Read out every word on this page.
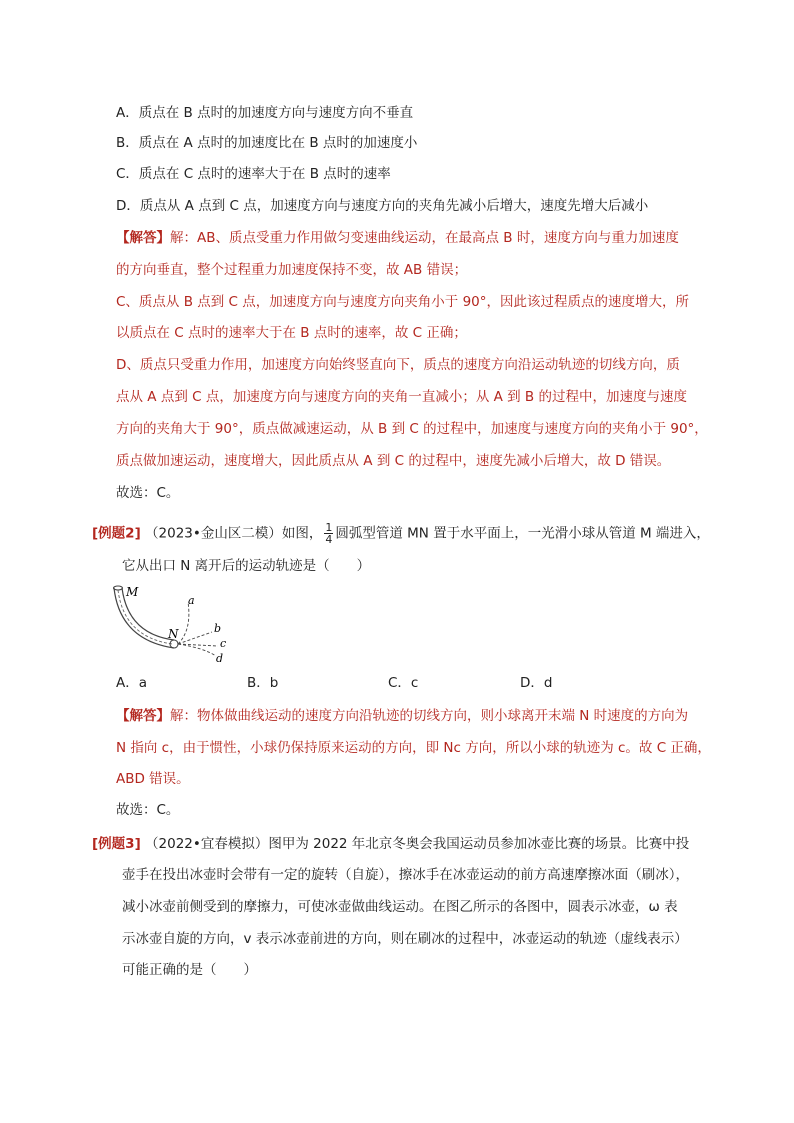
A．质点在 B 点时的加速度方向与速度方向不垂直
B．质点在 A 点时的加速度比在 B 点时的加速度小
C．质点在 C 点时的速率大于在 B 点时的速率
D．质点从 A 点到 C 点，加速度方向与速度方向的夹角先减小后增大，速度先增大后减小
【解答】解：AB、质点受重力作用做匀变速曲线运动，在最高点 B 时，速度方向与重力加速度
的方向垂直，整个过程重力加速度保持不变，故 AB 错误；
C、质点从 B 点到 C 点，加速度方向与速度方向夹角小于 90°，因此该过程质点的速度增大，所
以质点在 C 点时的速率大于在 B 点时的速率，故 C 正确；
D、质点只受重力作用，加速度方向始终竖直向下，质点的速度方向沿运动轨迹的切线方向，质
点从 A 点到 C 点，加速度方向与速度方向的夹角一直减小；从 A 到 B 的过程中，加速度与速度
方向的夹角大于 90°，质点做减速运动，从 B 到 C 的过程中，加速度与速度方向的夹角小于 90°，
质点做加速运动，速度增大，因此质点从 A 到 C 的过程中，速度先减小后增大，故 D 错误。
故选：C。
[例题2] （2023•金山区二模）如图， $\frac{1}{4}$ 圆弧型管道 MN 置于水平面上，一光滑小球从管道 M 端进入，
它从出口 N 离开后的运动轨迹是（　　）
M
N
a
b
c
d
A．a	B．b	C．c	D．d
【解答】解：物体做曲线运动的速度方向沿轨迹的切线方向，则小球离开末端 N 时速度的方向为
N 指向 c，由于惯性，小球仍保持原来运动的方向，即 Nc 方向，所以小球的轨迹为 c。故 C 正确，
ABD 错误。
故选：C。
[例题3] （2022•宜春模拟）图甲为 2022 年北京冬奥会我国运动员参加冰壶比赛的场景。比赛中投
壶手在投出冰壶时会带有一定的旋转（自旋），擦冰手在冰壶运动的前方高速摩擦冰面（刷冰），
减小冰壶前侧受到的摩擦力，可使冰壶做曲线运动。在图乙所示的各图中，圆表示冰壶，ω 表
示冰壶自旋的方向，v 表示冰壶前进的方向，则在刷冰的过程中，冰壶运动的轨迹（虚线表示）
可能正确的是（　　）
